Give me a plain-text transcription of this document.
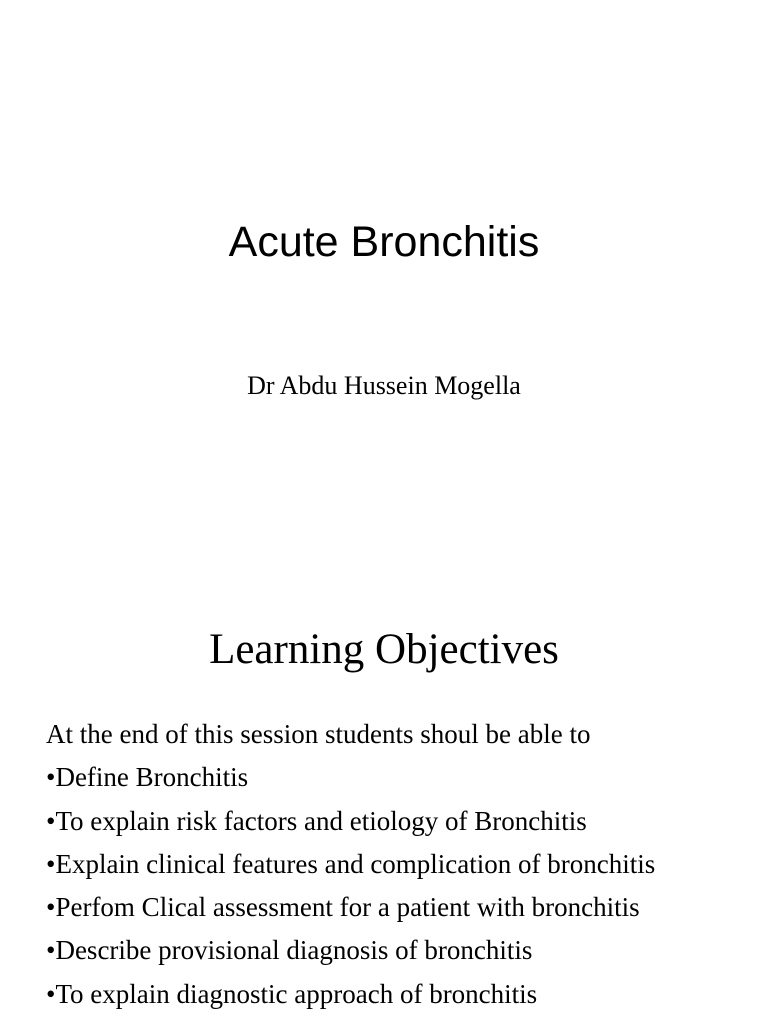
Acute Bronchitis
Dr Abdu Hussein Mogella
Learning Objectives
At the end of this session students shoul be able to
•Define Bronchitis
•To explain risk factors and etiology of Bronchitis
•Explain clinical features and complication of bronchitis
•Perfom Clical assessment for a patient with bronchitis
•Describe provisional diagnosis of bronchitis
•To explain diagnostic approach of bronchitis
